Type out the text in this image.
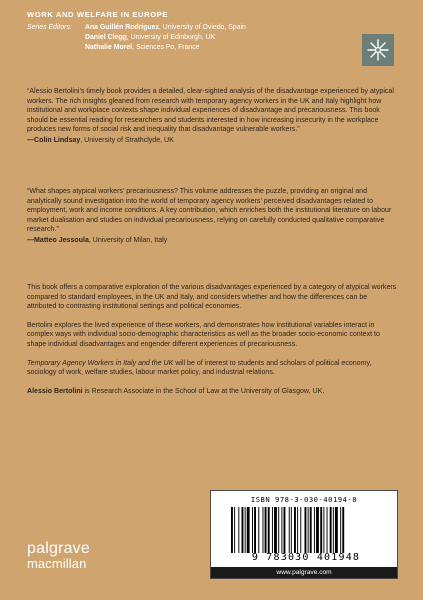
WORK AND WELFARE IN EUROPE
Series Editors: Ana Guillén Rodríguez, University of Oviedo, Spain
Daniel Clegg, University of Edinburgh, UK
Nathalie Morel, Sciences Po, France

“Alessio Bertolini’s timely book provides a detailed, clear-sighted analysis of the disadvantage experienced by atypical workers. The rich insights gleaned from research with temporary agency workers in the UK and Italy highlight how institutional and workplace contexts shape individual experiences of disadvantage and precariousness. This book should be essential reading for researchers and students interested in how increasing insecurity in the workplace produces new forms of social risk and inequality that disadvantage vulnerable workers.”

—Colin Lindsay, University of Strathclyde, UK

“What shapes atypical workers’ precariousness? This volume addresses the puzzle, providing an original and analytically sound investigation into the world of temporary agency workers’ perceived disadvantages related to employment, work and income conditions. A key contribution, which enriches both the institutional literature on labour market dualisation and studies on individual precariousness, relying on carefully conducted qualitative comparative research.”

—Matteo Jessoula, University of Milan, Italy

This book offers a comparative exploration of the various disadvantages experienced by a category of atypical workers compared to standard employees, in the UK and Italy, and considers whether and how the differences can be attributed to contrasting institutional settings and political economies.

Bertolini explores the lived experience of these workers, and demonstrates how institutional variables interact in complex ways with individual socio-demographic characteristics as well as the broader socio-economic context to shape individual disadvantages and engender different experiences of precariousness.

Temporary Agency Workers in Italy and the UK will be of interest to students and scholars of political economy, sociology of work, welfare studies, labour market policy, and industrial relations.

Alessio Bertolini is Research Associate in the School of Law at the University of Glasgow, UK.

ISBN 978-3-030-40194-8
9 783030 401948
www.palgrave.com
palgrave
macmillan
